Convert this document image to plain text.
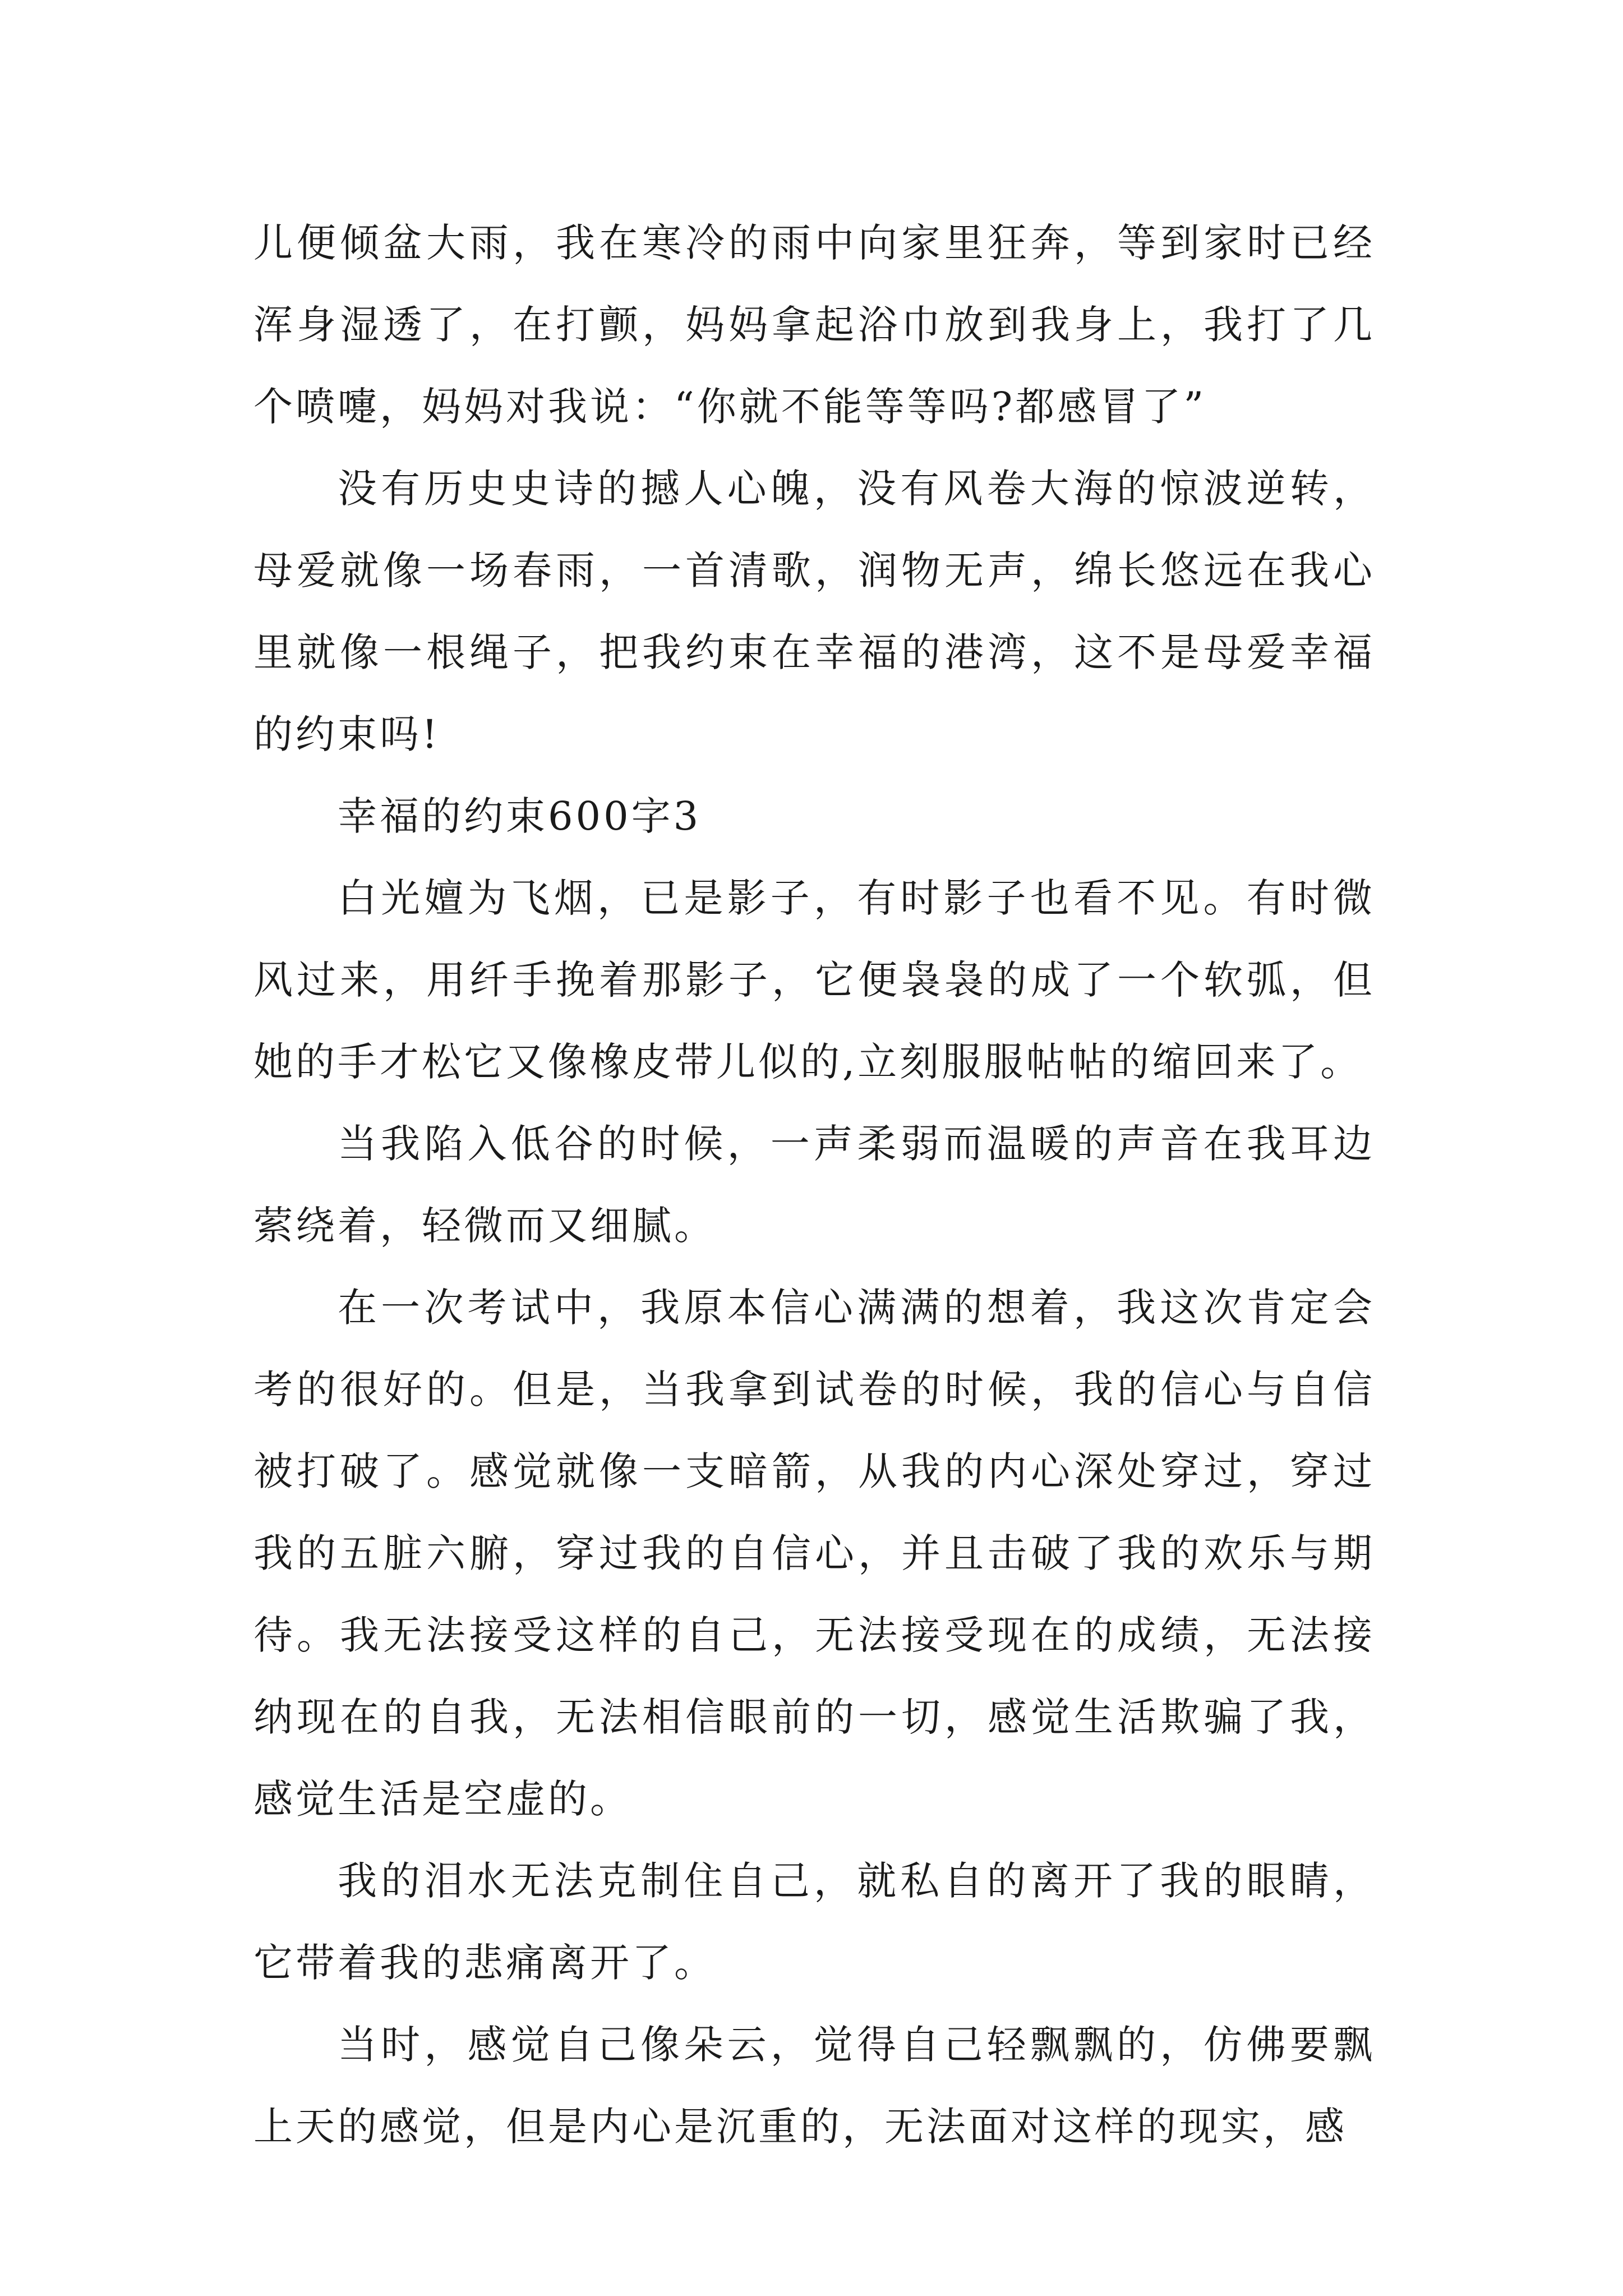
儿便倾盆大雨，我在寒冷的雨中向家里狂奔，等到家时已经浑身湿透了，在打颤，妈妈拿起浴巾放到我身上，我打了几个喷嚏，妈妈对我说：“你就不能等等吗?都感冒了”

没有历史史诗的撼人心魄，没有风卷大海的惊波逆转，母爱就像一场春雨，一首清歌，润物无声，绵长悠远在我心里就像一根绳子，把我约束在幸福的港湾，这不是母爱幸福的约束吗!

幸福的约束600字3

白光嬗为飞烟，已是影子，有时影子也看不见。有时微风过来，用纤手挽着那影子，它便袅袅的成了一个软弧，但她的手才松它又像橡皮带儿似的,立刻服服帖帖的缩回来了。

当我陷入低谷的时候，一声柔弱而温暖的声音在我耳边萦绕着，轻微而又细腻。

在一次考试中，我原本信心满满的想着，我这次肯定会考的很好的。但是，当我拿到试卷的时候，我的信心与自信被打破了。感觉就像一支暗箭，从我的内心深处穿过，穿过我的五脏六腑，穿过我的自信心，并且击破了我的欢乐与期待。我无法接受这样的自己，无法接受现在的成绩，无法接纳现在的自我，无法相信眼前的一切，感觉生活欺骗了我，感觉生活是空虚的。

我的泪水无法克制住自己，就私自的离开了我的眼睛，它带着我的悲痛离开了。

当时，感觉自己像朵云，觉得自己轻飘飘的，仿佛要飘上天的感觉，但是内心是沉重的，无法面对这样的现实，感
